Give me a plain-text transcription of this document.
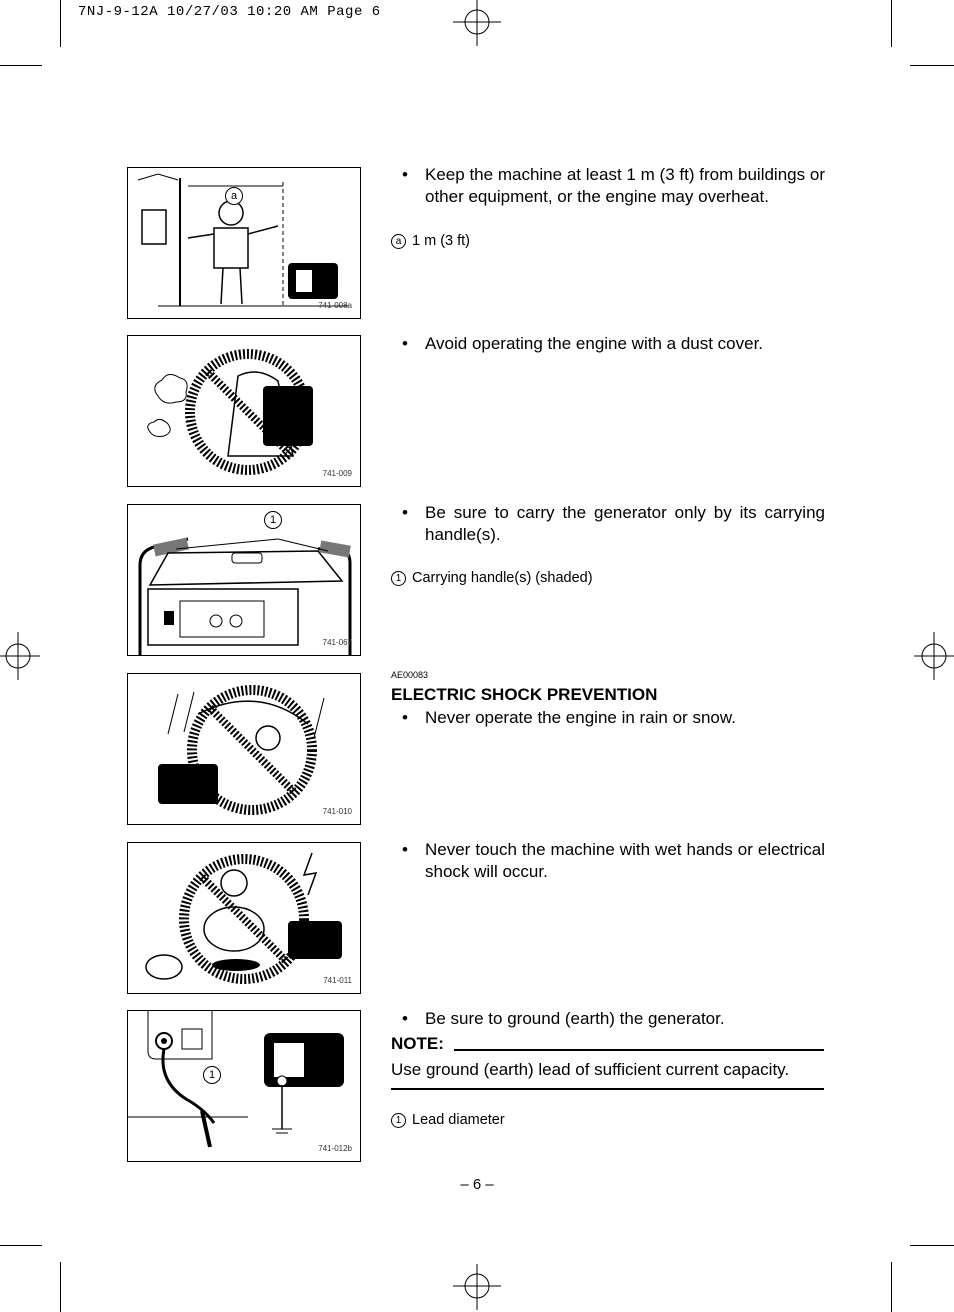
7NJ-9-12A 10/27/03 10:20 AM Page 6
a
741-008a
741-009
1
741-067
741-010
741-011
1
741-012b
• Keep the machine at least 1 m (3 ft) from buildings or other equipment, or the engine may overheat.
a 1 m (3 ft)
• Avoid operating the engine with a dust cover.
• Be sure to carry the generator only by its carrying handle(s).
1 Carrying handle(s) (shaded)
AE00083
ELECTRIC SHOCK PREVENTION
• Never operate the engine in rain or snow.
• Never touch the machine with wet hands or electrical shock will occur.
• Be sure to ground (earth) the generator.
NOTE:
Use ground (earth) lead of sufficient current capacity.
1 Lead diameter
– 6 –
